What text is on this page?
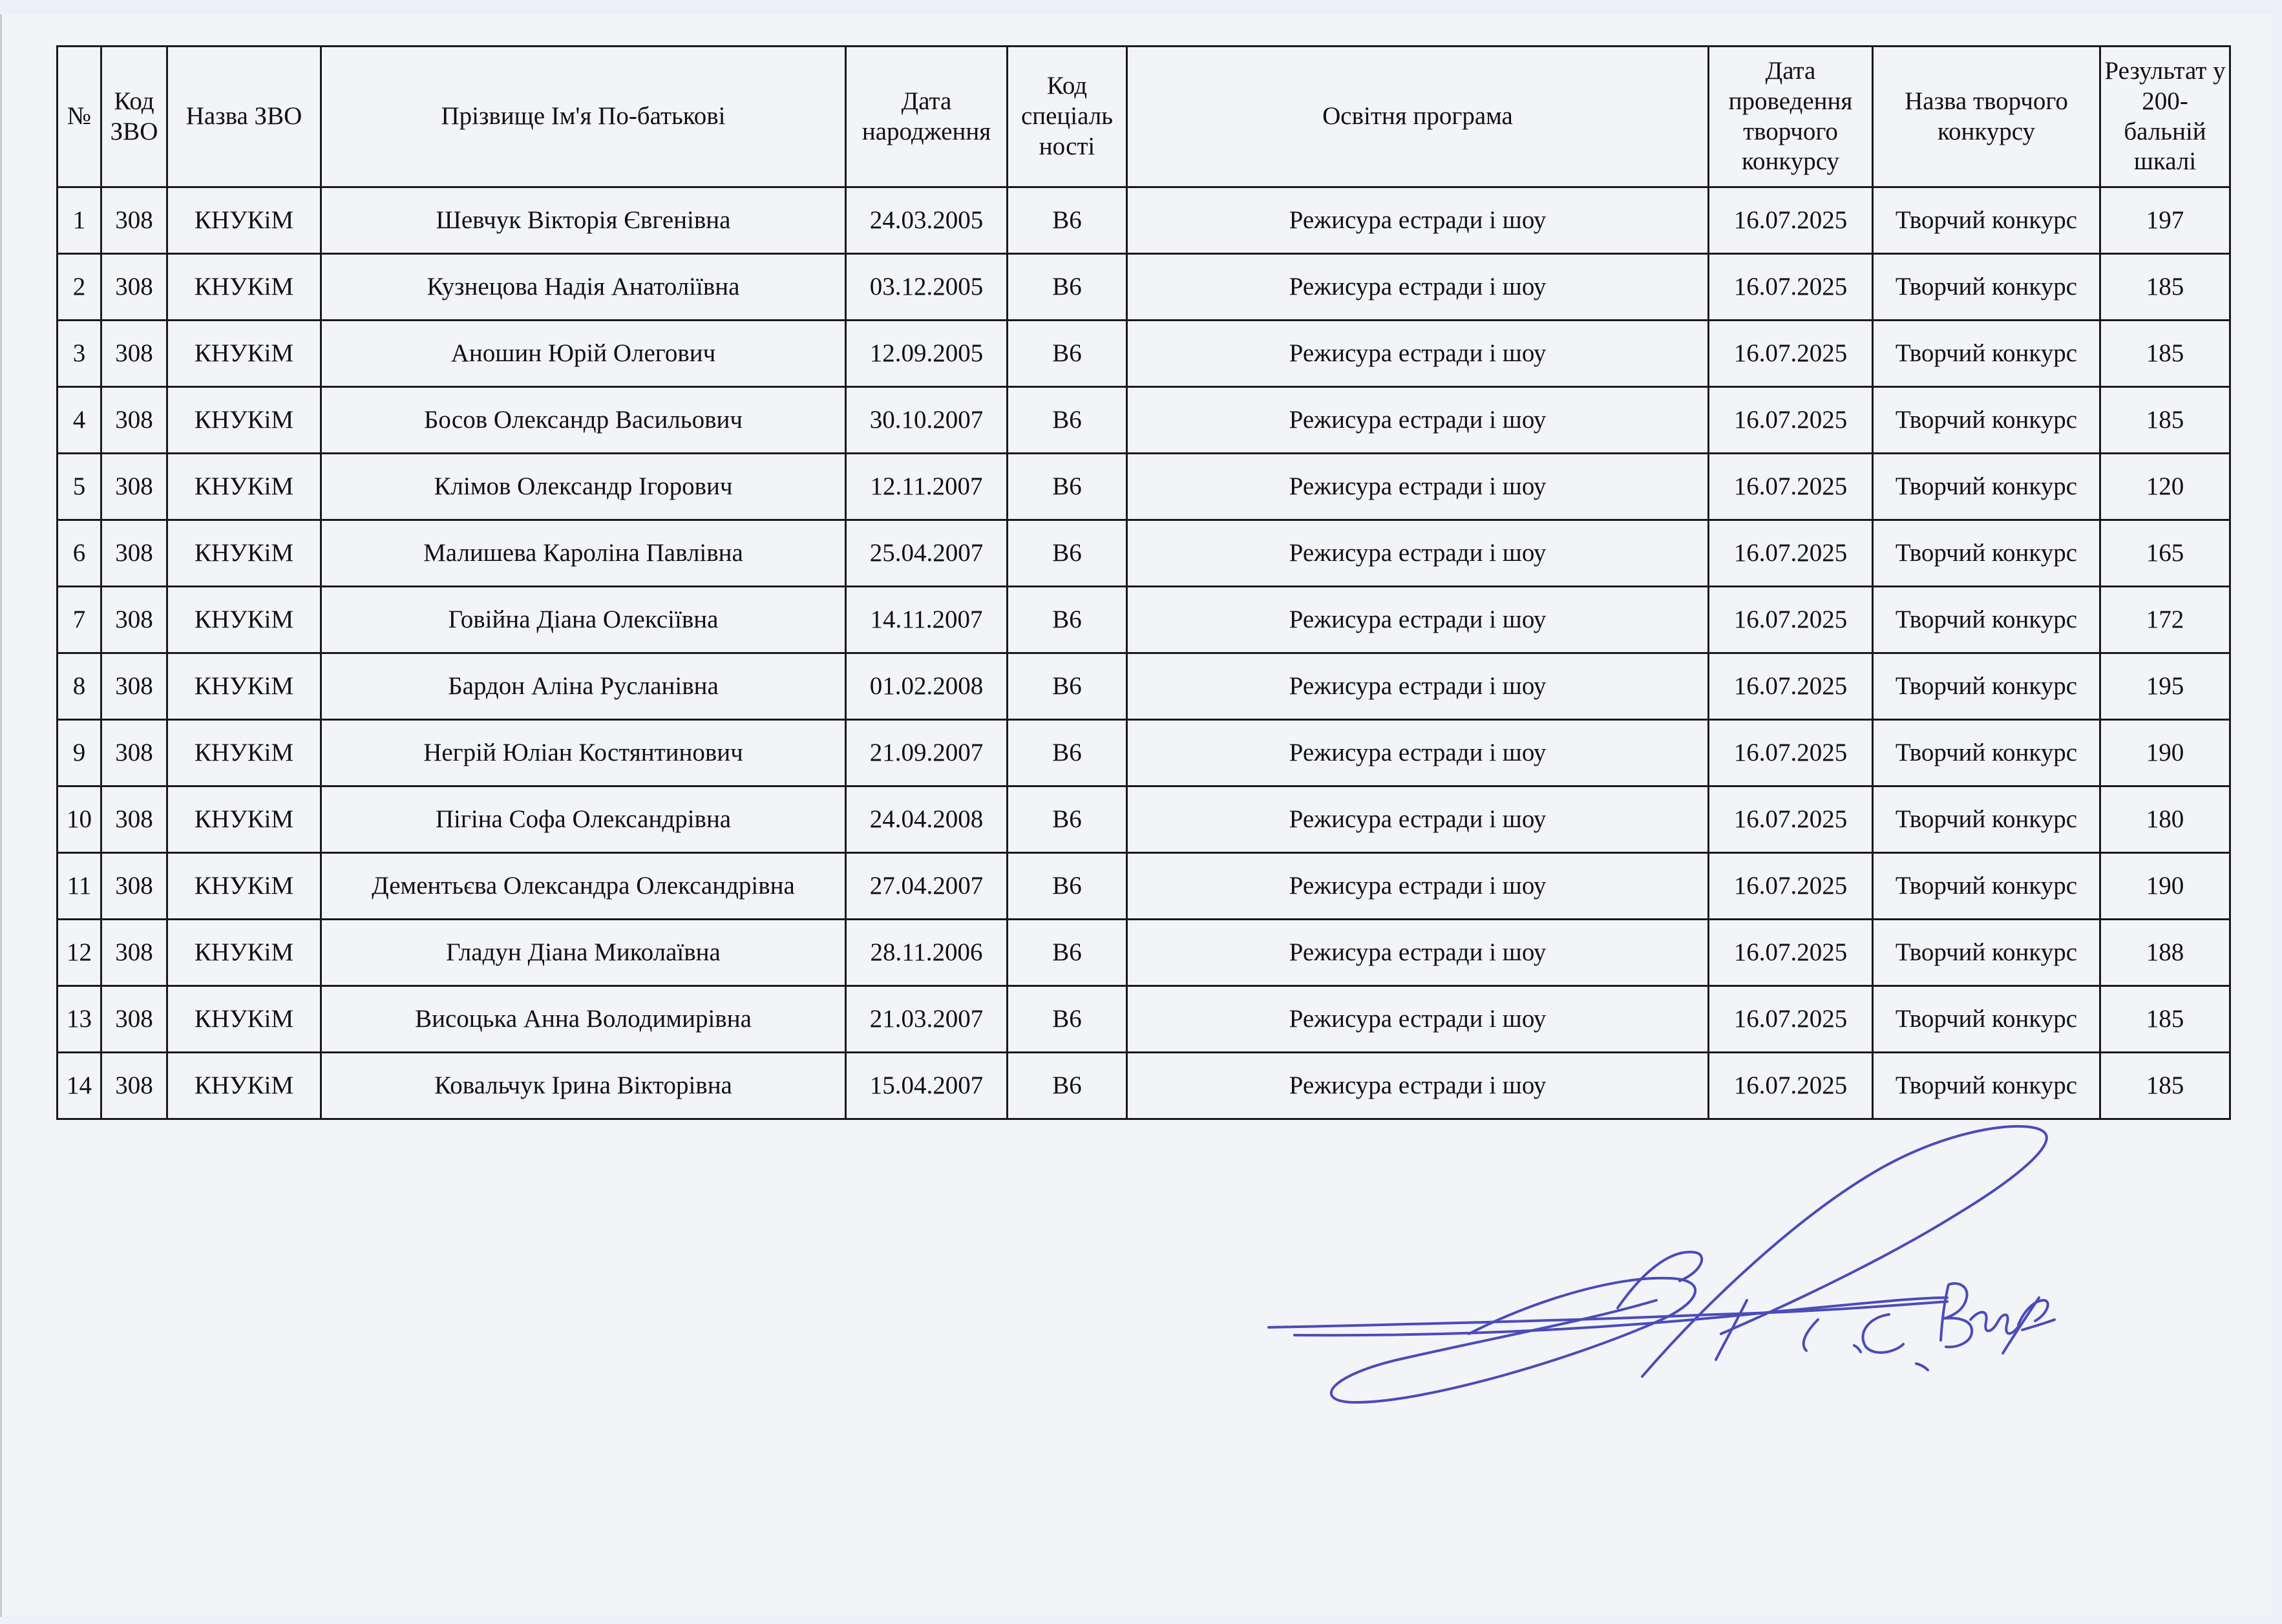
№	Код ЗВО	Назва ЗВО	Прізвище Ім'я По-батькові	Дата народження	Код спеціаль ності	Освітня програма	Дата проведення творчого конкурсу	Назва творчого конкурсу	Результат у 200-бальній шкалі
1	308	КНУКіМ	Шевчук Вікторія Євгенівна	24.03.2005	В6	Режисура естради і шоу	16.07.2025	Творчий конкурс	197
2	308	КНУКіМ	Кузнецова Надія Анатоліївна	03.12.2005	В6	Режисура естради і шоу	16.07.2025	Творчий конкурс	185
3	308	КНУКіМ	Аношин Юрій Олегович	12.09.2005	В6	Режисура естради і шоу	16.07.2025	Творчий конкурс	185
4	308	КНУКіМ	Босов Олександр Васильович	30.10.2007	В6	Режисура естради і шоу	16.07.2025	Творчий конкурс	185
5	308	КНУКіМ	Клімов Олександр Ігорович	12.11.2007	В6	Режисура естради і шоу	16.07.2025	Творчий конкурс	120
6	308	КНУКіМ	Малишева Кароліна Павлівна	25.04.2007	В6	Режисура естради і шоу	16.07.2025	Творчий конкурс	165
7	308	КНУКіМ	Говійна Діана Олексіївна	14.11.2007	В6	Режисура естради і шоу	16.07.2025	Творчий конкурс	172
8	308	КНУКіМ	Бардон Аліна Русланівна	01.02.2008	В6	Режисура естради і шоу	16.07.2025	Творчий конкурс	195
9	308	КНУКіМ	Негрій Юліан Костянтинович	21.09.2007	В6	Режисура естради і шоу	16.07.2025	Творчий конкурс	190
10	308	КНУКіМ	Пігіна Софа Олександрівна	24.04.2008	В6	Режисура естради і шоу	16.07.2025	Творчий конкурс	180
11	308	КНУКіМ	Дементьєва Олександра Олександрівна	27.04.2007	В6	Режисура естради і шоу	16.07.2025	Творчий конкурс	190
12	308	КНУКіМ	Гладун Діана Миколаївна	28.11.2006	В6	Режисура естради і шоу	16.07.2025	Творчий конкурс	188
13	308	КНУКіМ	Висоцька Анна Володимирівна	21.03.2007	В6	Режисура естради і шоу	16.07.2025	Творчий конкурс	185
14	308	КНУКіМ	Ковальчук Ірина Вікторівна	15.04.2007	В6	Режисура естради і шоу	16.07.2025	Творчий конкурс	185
